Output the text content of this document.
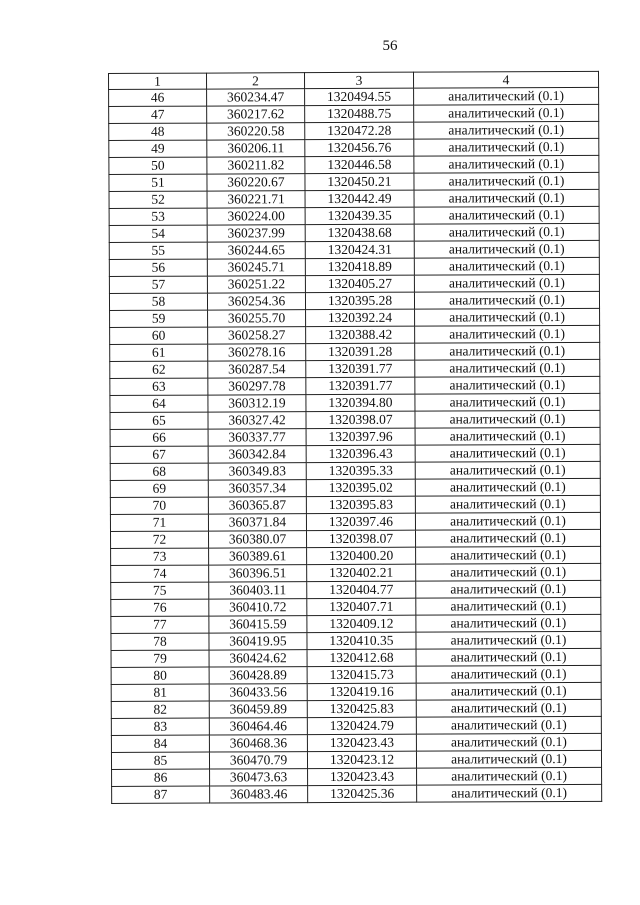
56
1	2	3	4
46	360234.47	1320494.55	аналитический (0.1)
47	360217.62	1320488.75	аналитический (0.1)
48	360220.58	1320472.28	аналитический (0.1)
49	360206.11	1320456.76	аналитический (0.1)
50	360211.82	1320446.58	аналитический (0.1)
51	360220.67	1320450.21	аналитический (0.1)
52	360221.71	1320442.49	аналитический (0.1)
53	360224.00	1320439.35	аналитический (0.1)
54	360237.99	1320438.68	аналитический (0.1)
55	360244.65	1320424.31	аналитический (0.1)
56	360245.71	1320418.89	аналитический (0.1)
57	360251.22	1320405.27	аналитический (0.1)
58	360254.36	1320395.28	аналитический (0.1)
59	360255.70	1320392.24	аналитический (0.1)
60	360258.27	1320388.42	аналитический (0.1)
61	360278.16	1320391.28	аналитический (0.1)
62	360287.54	1320391.77	аналитический (0.1)
63	360297.78	1320391.77	аналитический (0.1)
64	360312.19	1320394.80	аналитический (0.1)
65	360327.42	1320398.07	аналитический (0.1)
66	360337.77	1320397.96	аналитический (0.1)
67	360342.84	1320396.43	аналитический (0.1)
68	360349.83	1320395.33	аналитический (0.1)
69	360357.34	1320395.02	аналитический (0.1)
70	360365.87	1320395.83	аналитический (0.1)
71	360371.84	1320397.46	аналитический (0.1)
72	360380.07	1320398.07	аналитический (0.1)
73	360389.61	1320400.20	аналитический (0.1)
74	360396.51	1320402.21	аналитический (0.1)
75	360403.11	1320404.77	аналитический (0.1)
76	360410.72	1320407.71	аналитический (0.1)
77	360415.59	1320409.12	аналитический (0.1)
78	360419.95	1320410.35	аналитический (0.1)
79	360424.62	1320412.68	аналитический (0.1)
80	360428.89	1320415.73	аналитический (0.1)
81	360433.56	1320419.16	аналитический (0.1)
82	360459.89	1320425.83	аналитический (0.1)
83	360464.46	1320424.79	аналитический (0.1)
84	360468.36	1320423.43	аналитический (0.1)
85	360470.79	1320423.12	аналитический (0.1)
86	360473.63	1320423.43	аналитический (0.1)
87	360483.46	1320425.36	аналитический (0.1)
